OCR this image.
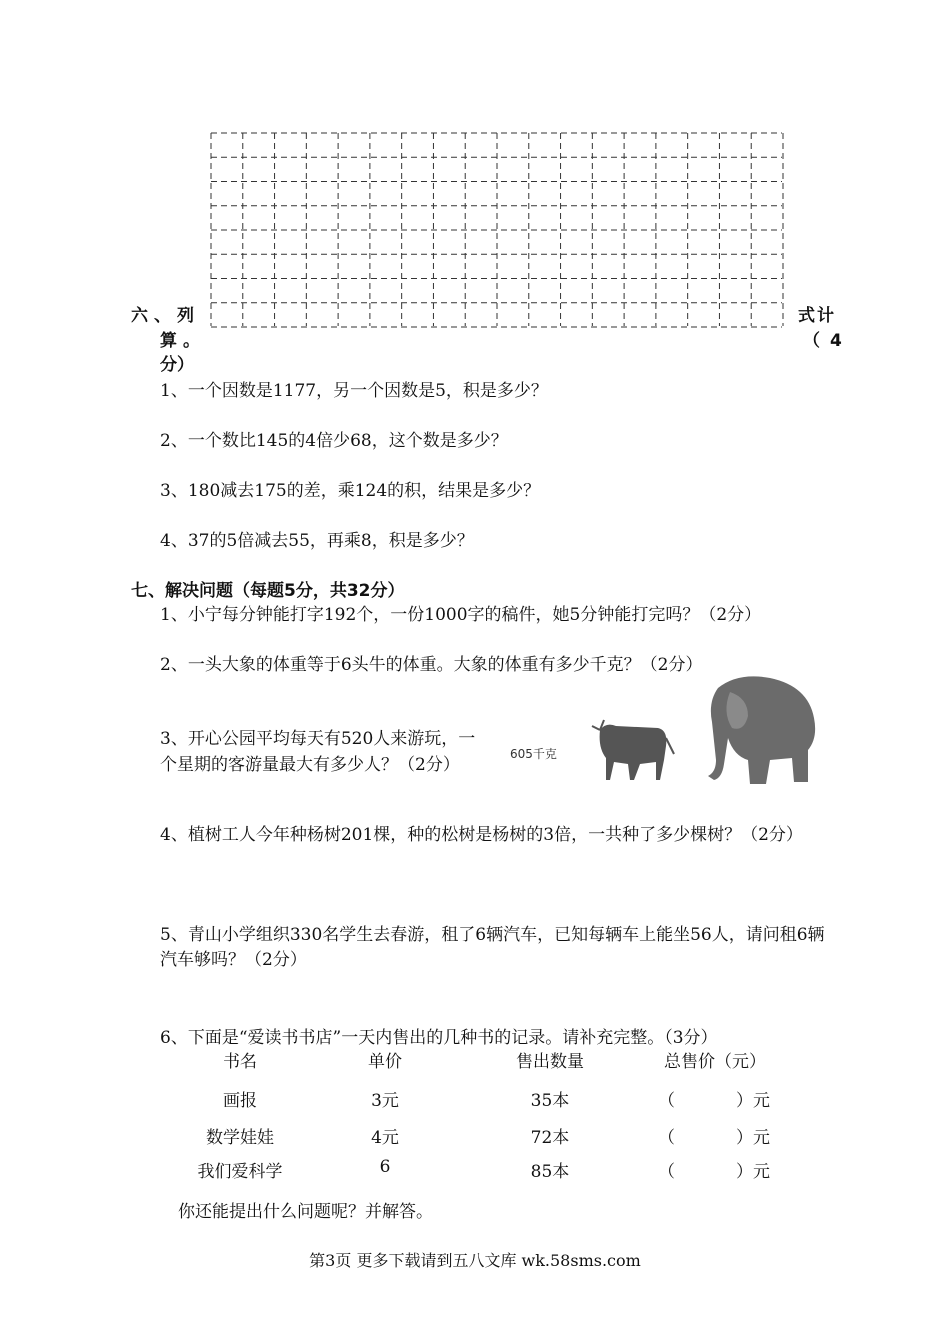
六、列
算。
分）
式计
（4
1、一个因数是1177，另一个因数是5，积是多少？
2、一个数比145的4倍少68，这个数是多少？
3、180减去175的差，乘124的积，结果是多少？
4、37的5倍减去55，再乘8，积是多少？
七、解决问题（每题5分，共32分）
1、小宁每分钟能打字192个，一份1000字的稿件，她5分钟能打完吗？（2分）
2、一头大象的体重等于6头牛的体重。大象的体重有多少千克？（2分）
3、开心公园平均每天有520人来游玩，一
个星期的客游量最大有多少人？（2分）
605千克
4、植树工人今年种杨树201棵，种的松树是杨树的3倍，一共种了多少棵树？（2分）
5、青山小学组织330名学生去春游，租了6辆汽车，已知每辆车上能坐56人，请问租6辆汽车够吗？（2分）
6、下面是“爱读书书店”一天内售出的几种书的记录。请补充完整。（3分）
书名	单价	售出数量	总售价（元）
画报	3元	35本	（	）元
数学娃娃	4元	72本	（	）元
我们爱科学	6	85本	（	）元
你还能提出什么问题呢？并解答。
第3页 更多下载请到五八文库 wk.58sms.com
